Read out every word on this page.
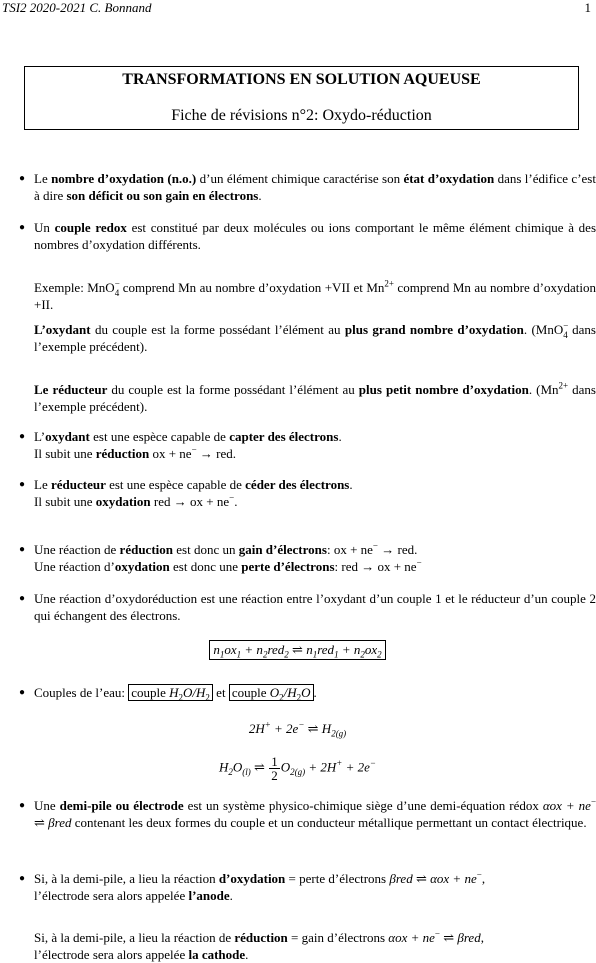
TSI2 2020-2021 C. Bonnand	1
TRANSFORMATIONS EN SOLUTION AQUEUSE
Fiche de révisions n°2: Oxydo-réduction
● Le nombre d’oxydation (n.o.) d’un élément chimique caractérise son état d’oxydation dans l’édifice c’est à dire son déficit ou son gain en électrons.
● Un couple redox est constitué par deux molécules ou ions comportant le même élément chimique à des nombres d’oxydation différents.
Exemple: MnO−$_4$ comprend Mn au nombre d’oxydation +VII et $Mn^{2+}$ comprend Mn au nombre d’oxydation +II.
L’oxydant du couple est la forme possédant l’élément au plus grand nombre d’oxydation. (MnO−$_4$ dans l’exemple précédent).
Le réducteur du couple est la forme possédant l’élément au plus petit nombre d’oxydation. ($Mn^{2+}$ dans l’exemple précédent).
● L’oxydant est une espèce capable de capter des électrons.
Il subit une réduction ox + ne− → red.
● Le réducteur est une espèce capable de céder des électrons.
Il subit une oxydation red → ox + ne−.
● Une réaction de réduction est donc un gain d’électrons: ox + ne− → red.
Une réaction d’oxydation est donc une perte d’électrons: red → ox + ne−
● Une réaction d’oxydoréduction est une réaction entre l’oxydant d’un couple 1 et le réducteur d’un couple 2 qui échangent des électrons.
$n_1ox_1 + n_2red_2$ ⇌ $n_1red_1 + n_2ox_2$
● Couples de l’eau: couple $H_2O/H_2$ et couple $O_2/H_2O$ .
2H+ + 2e− ⇌ $H_{2(g)}$
$H_2O_{(l)}$ ⇌ $\frac{1}{2} O_{2(g)} + 2H^+ + 2e^-$
● Une demi-pile ou électrode est un système physico-chimique siège d’une demi-équation rédox αox + ne− ⇌ βred contenant les deux formes du couple et un conducteur métallique permettant un contact électrique.
● Si, à la demi-pile, a lieu la réaction d’oxydation = perte d’électrons βred ⇌ αox + ne−,
l’électrode sera alors appelée l’anode.
Si, à la demi-pile, a lieu la réaction de réduction = gain d’électrons αox + ne− ⇌ βred,
l’électrode sera alors appelée la cathode.
